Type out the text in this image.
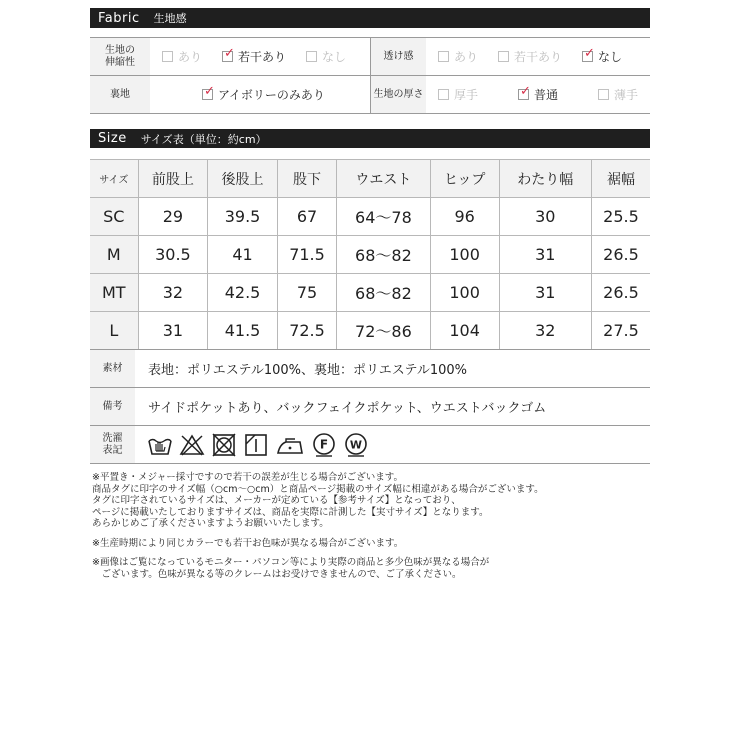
Fabric 生地感
生地の
伸縮性	あり ✓ 若干あり なし	透け感	あり 若干あり ✓ なし

裏地	✓ アイボリーのみあり	生地の厚さ	厚手 ✓ 普通 薄手
Size サイズ表（単位：約cm）
サイズ	前股上	後股上	股下	ウエスト	ヒップ	わたり幅	裾幅
SC	29	39.5	67	64〜78	96	30	25.5
M	30.5	41	71.5	68〜82	100	31	26.5
MT	32	42.5	75	68〜82	100	31	26.5
L	31	41.5	72.5	72〜86	104	32	27.5
素材	表地：ポリエステル100%、裏地：ポリエステル100%
備考	サイドポケットあり、バックフェイクポケット、ウエストバックゴム
洗濯
表記	F W

※平置き・メジャー採寸ですので若干の誤差が生じる場合がございます。

商品タグに印字のサイズ幅（○cm〜○cm）と商品ページ掲載のサイズ幅に相違がある場合がございます。

タグに印字されているサイズは、メーカーが定めている【参考サイズ】となっており、

ページに掲載いたしておりますサイズは、商品を実際に計測した【実寸サイズ】となります。

あらかじめご了承くださいますようお願いいたします。

※生産時期により同じカラーでも若干お色味が異なる場合がございます。

※画像はご覧になっているモニター・パソコン等により実際の商品と多少色味が異なる場合が

　ございます。色味が異なる等のクレームはお受けできませんので、ご了承ください。
